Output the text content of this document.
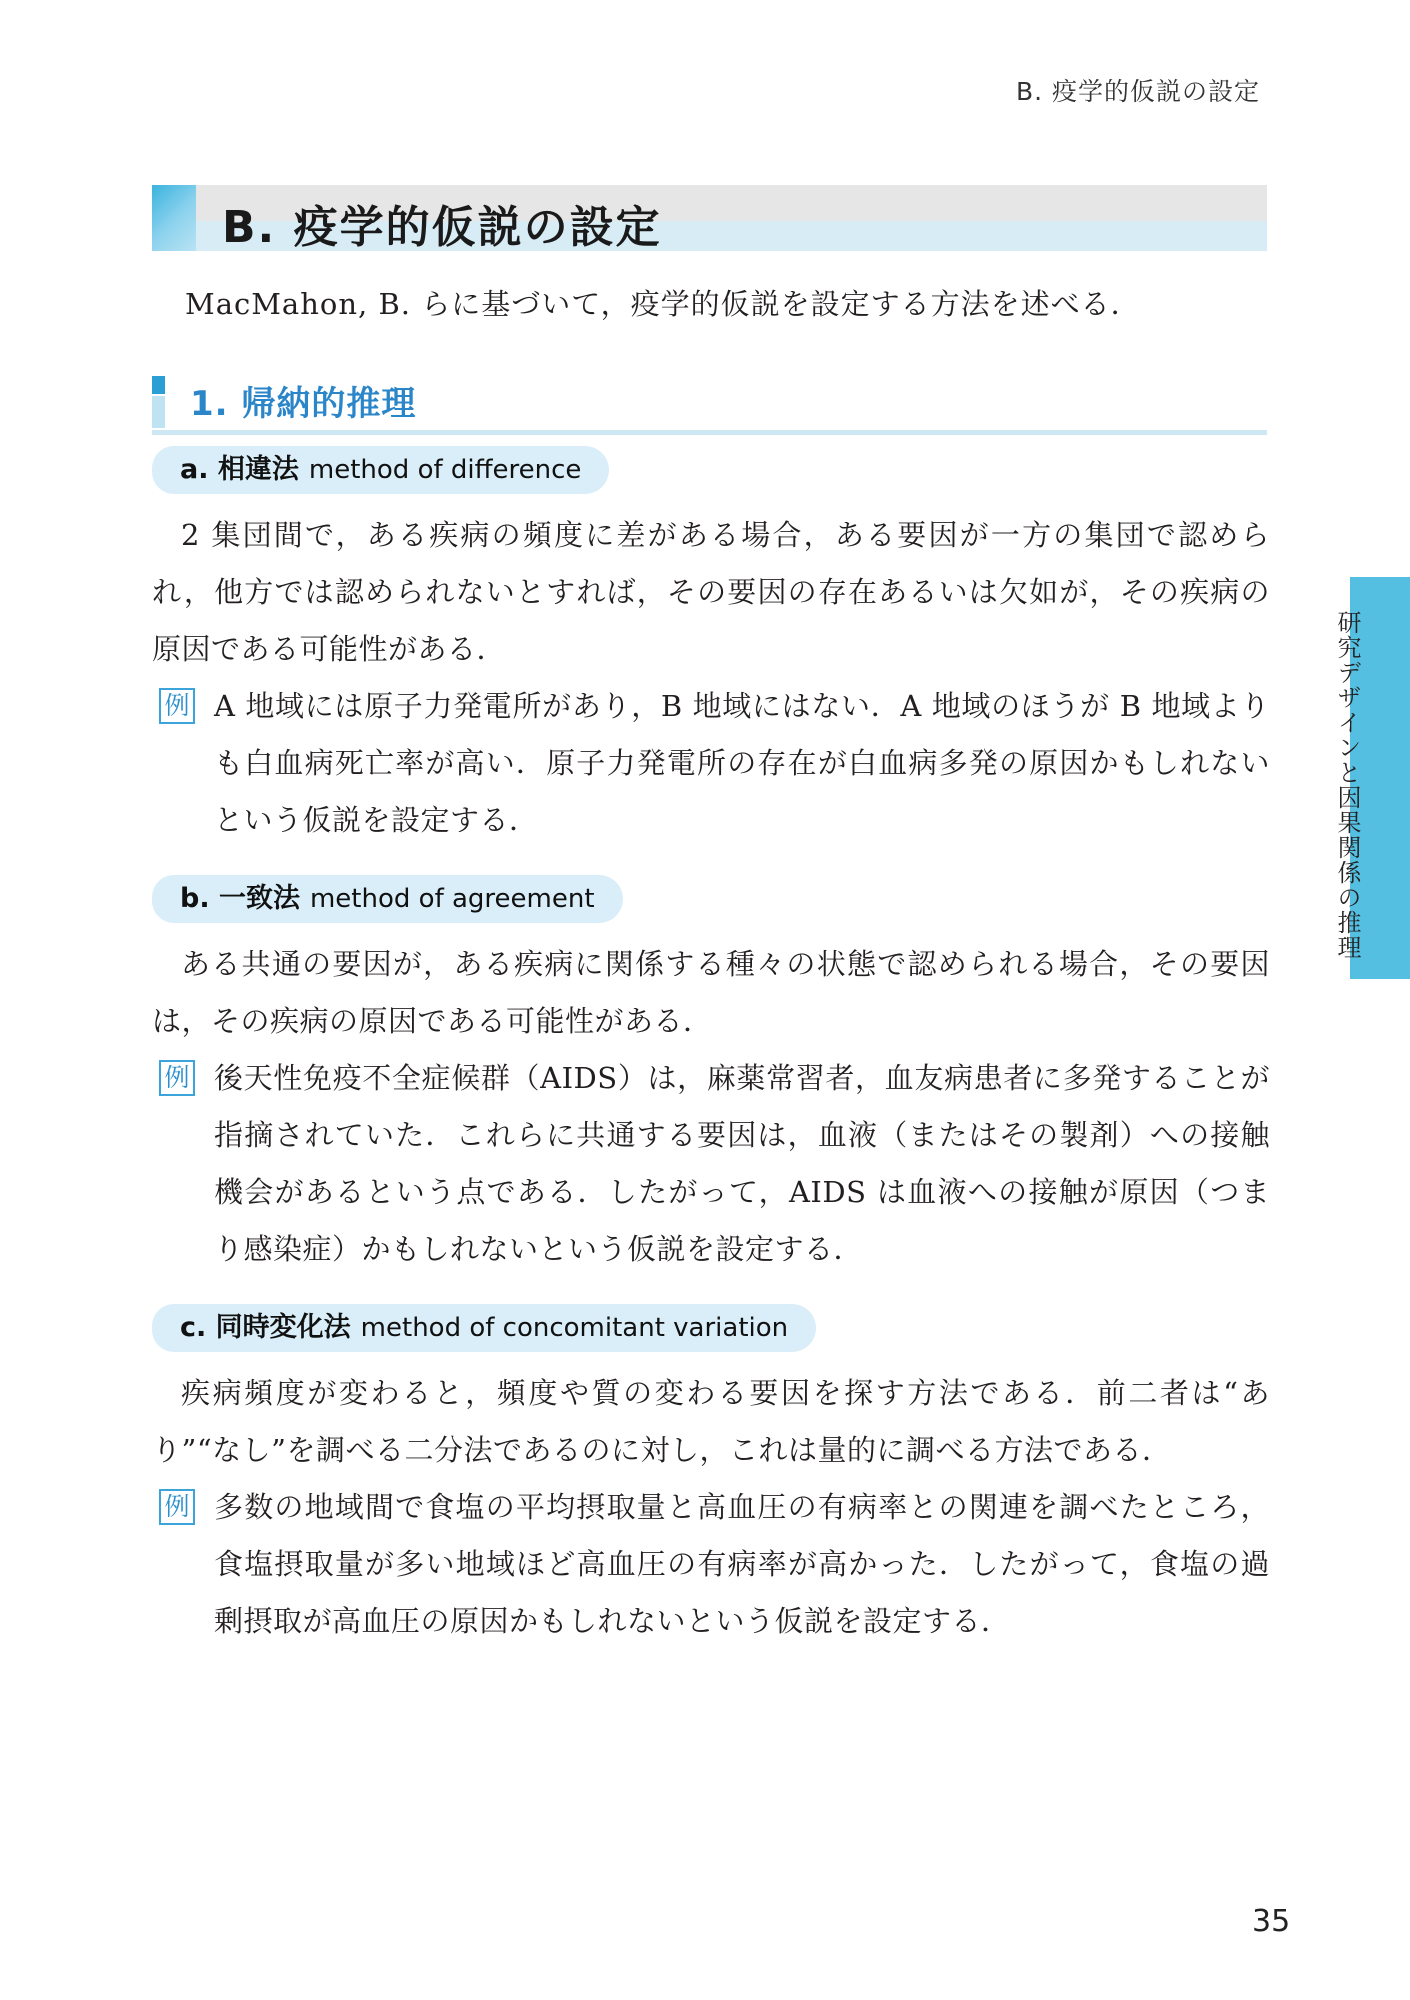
B. 疫学的仮説の設定
B. 疫学的仮説の設定
MacMahon, B. らに基づいて，疫学的仮説を設定する方法を述べる．
1. 帰納的推理
a. 相違法 method of difference
2 集団間で，ある疾病の頻度に差がある場合，ある要因が一方の集団で認められ，他方では認められないとすれば，その要因の存在あるいは欠如が，その疾病の原因である可能性がある．
例 A 地域には原子力発電所があり，B 地域にはない．A 地域のほうが B 地域よりも白血病死亡率が高い．原子力発電所の存在が白血病多発の原因かもしれないという仮説を設定する．
b. 一致法 method of agreement
ある共通の要因が，ある疾病に関係する種々の状態で認められる場合，その要因は，その疾病の原因である可能性がある．
例 後天性免疫不全症候群（AIDS）は，麻薬常習者，血友病患者に多発することが指摘されていた．これらに共通する要因は，血液（またはその製剤）への接触機会があるという点である．したがって，AIDS は血液への接触が原因（つまり感染症）かもしれないという仮説を設定する．
c. 同時変化法 method of concomitant variation
疾病頻度が変わると，頻度や質の変わる要因を探す方法である．前二者は“あり”“なし”を調べる二分法であるのに対し，これは量的に調べる方法である．
例 多数の地域間で食塩の平均摂取量と高血圧の有病率との関連を調べたところ，食塩摂取量が多い地域ほど高血圧の有病率が高かった．したがって，食塩の過剰摂取が高血圧の原因かもしれないという仮説を設定する．
研究デザインと因果関係の推理
35
